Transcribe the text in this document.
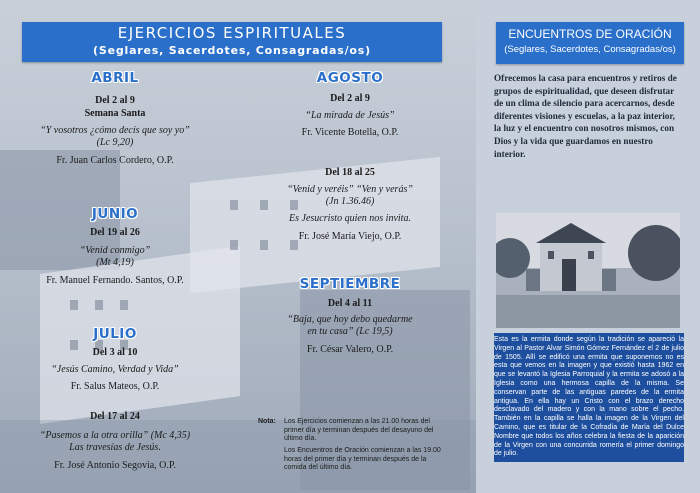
EJERCICIOS ESPIRITUALES
(Seglares, Sacerdotes, Consagradas/os)
ABRIL
Del 2 al 9
Semana Santa
“Y vosotros ¿cómo decís que soy yo”
(Lc 9,20)
Fr. Juan Carlos Cordero, O.P.
JUNIO
Del 19 al 26
“Venid conmigo”
(Mt 4,19)
Fr. Manuel Fernando. Santos, O.P.
JULIO
Del 3 al 10
“Jesús Camino, Verdad y Vida”
Fr. Salus Mateos, O.P.
Del 17 al 24
“Pasemos a la otra orilla” (Mc 4,35)
Las travesías de Jesús.
Fr. José Antonio Segovia, O.P.
AGOSTO
Del 2 al 9
“La mirada de Jesús”
Fr. Vicente Botella, O.P.
Del 18 al 25
“Venid y veréis” “Ven y verás”
(Jn 1.36.46)
Es Jesucristo quien nos invita.
Fr. José María Viejo, O.P.
SEPTIEMBRE
Del 4 al 11
“Baja, que hoy debo quedarme
en tu casa” (Lc 19,5)
Fr. César Valero, O.P.
Nota:	Los Ejercicios comienzan a las 21.00 horas del primer día y terminan después del desayuno del último día.
Los Encuentros de Oración comienzan a las 19.00 horas del primer día y terminan después de la comida del último día.
ENCUENTROS DE ORACIÓN
(Seglares, Sacerdotes, Consagradas/os)
Ofrecemos la casa para encuentros y retiros de grupos de espiritualidad, que deseen disfrutar de un clima de silencio para acercarnos, desde diferentes visiones y escuelas, a la paz interior, la luz y el encuentro con nosotros mismos, con Dios y la vida que guardamos en nuestro interior.
Esta es la ermita donde según la tradición se apareció la Virgen al Pastor Alvar Simón Gómez Fernández el 2 de julio de 1505. Allí se edificó una ermita que suponemos no es esta que vemos en la imagen y que existió hasta 1962 en que se levantó la Iglesia Parroquial y la ermita se adosó a la Iglesia como una hermosa capilla de la misma. Se conservan parte de las antiguas paredes de la ermita antigua. En ella hay un Cristo con el brazo derecho desclavado del madero y con la mano sobre el pecho. También en la capilla se halla la imagen de la Virgen del Camino, que es titular de la Cofradía de María del Dulce Nombre que todos los años celebra la fiesta de la aparición de la Virgen con una concurrida romería el primer domingo de julio.
